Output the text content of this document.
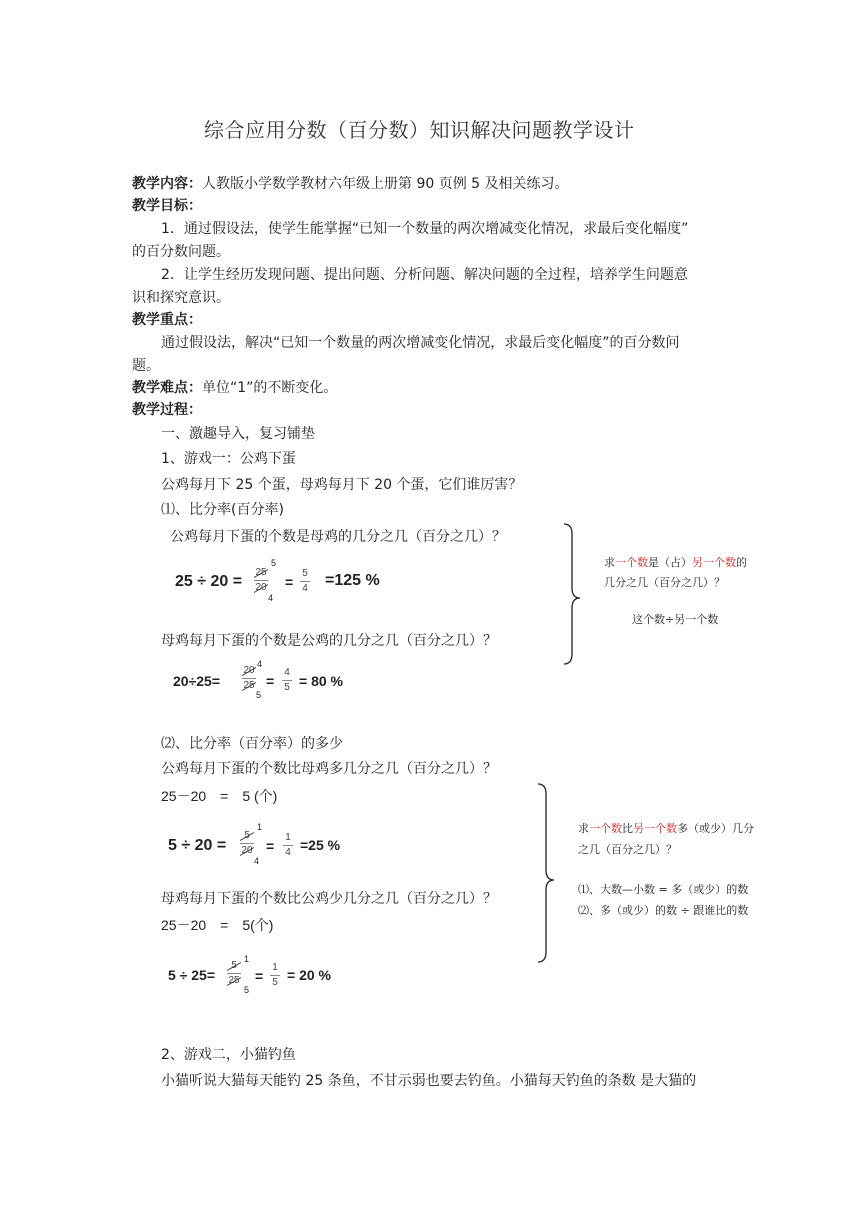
综合应用分数（百分数）知识解决问题教学设计
教学内容：人教版小学数学教材六年级上册第 90 页例 5 及相关练习。
教学目标：
1．通过假设法，使学生能掌握“已知一个数量的两次增减变化情况，求最后变化幅度”
的百分数问题。
2．让学生经历发现问题、提出问题、分析问题、解决问题的全过程，培养学生问题意
识和探究意识。
教学重点：
通过假设法，解决“已知一个数量的两次增减变化情况，求最后变化幅度”的百分数问
题。
教学难点：单位“1”的不断变化。
教学过程：
一、激趣导入，复习铺垫
1、游戏一：公鸡下蛋
公鸡每月下 25 个蛋，母鸡每月下 20 个蛋，它们谁厉害？
⑴、比分率(百分率)
公鸡每月下蛋的个数是母鸡的几分之几（百分之几）？
25 ÷ 20 =
25
20
5
4
=
5
4 =125 %
母鸡每月下蛋的个数是公鸡的几分之几（百分之几）？
20÷25=
20
25
4
5
=
4
5 = 80 %
求一个数是（占）另一个数的
几分之几（百分之几）？
这个数÷另一个数
⑵、比分率（百分率）的多少
公鸡每月下蛋的个数比母鸡多几分之几（百分之几）？
25－20　=　5 (个)
5 ÷ 20 =
5
20
1
4
=
1
4 =25 %
母鸡每月下蛋的个数比公鸡少几分之几（百分之几）？
25－20　=　5(个)
5 ÷ 25=
5
25
1
5
=
1
5 = 20 %
求一个数比另一个数多（或少）几分
之几（百分之几）？
⑴、大数—小数 = 多（或少）的数
⑵、多（或少）的数 ÷ 跟谁比的数
2、游戏二，小猫钓鱼
小猫听说大猫每天能钓 25 条鱼，不甘示弱也要去钓鱼。小猫每天钓鱼的条数 是大猫的
